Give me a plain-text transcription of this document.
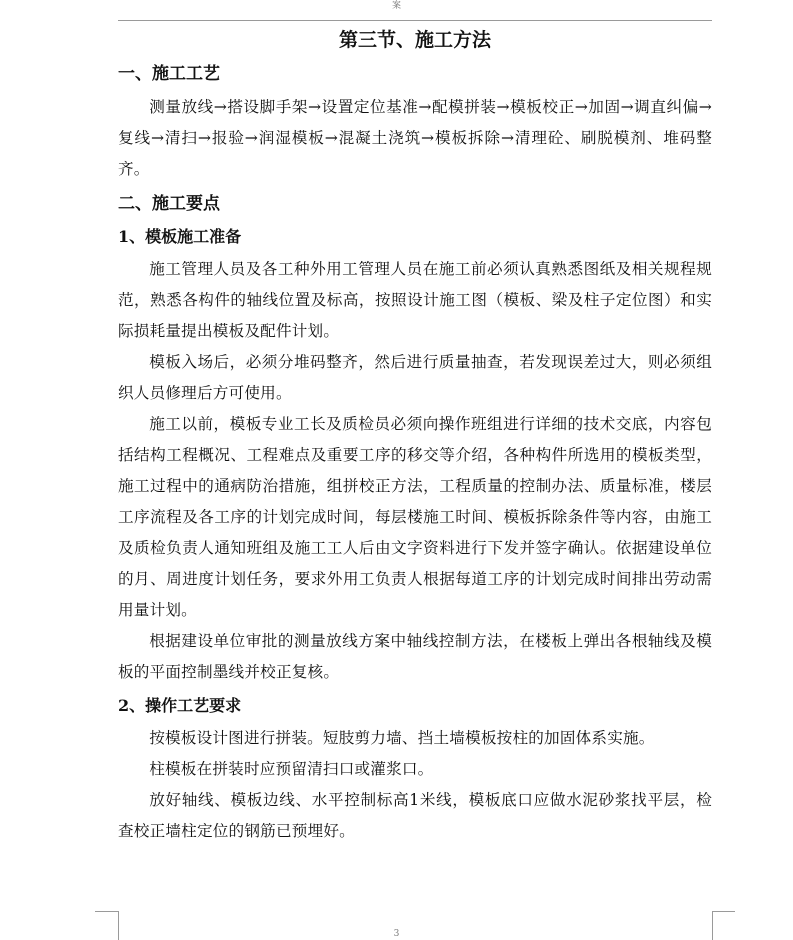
案
第三节、施工方法
一、施工工艺

测量放线→搭设脚手架→设置定位基准→配模拼装→模板校正→加固→调直纠偏→复线→清扫→报验→润湿模板→混凝土浇筑→模板拆除→清理砼、刷脱模剂、堆码整齐。

二、施工要点
1、模板施工准备

施工管理人员及各工种外用工管理人员在施工前必须认真熟悉图纸及相关规程规范，熟悉各构件的轴线位置及标高，按照设计施工图（模板、梁及柱子定位图）和实际损耗量提出模板及配件计划。

模板入场后，必须分堆码整齐，然后进行质量抽查，若发现误差过大，则必须组织人员修理后方可使用。

施工以前，模板专业工长及质检员必须向操作班组进行详细的技术交底，内容包括结构工程概况、工程难点及重要工序的移交等介绍，各种构件所选用的模板类型，施工过程中的通病防治措施，组拼校正方法，工程质量的控制办法、质量标准，楼层工序流程及各工序的计划完成时间，每层楼施工时间、模板拆除条件等内容，由施工及质检负责人通知班组及施工工人后由文字资料进行下发并签字确认。依据建设单位的月、周进度计划任务，要求外用工负责人根据每道工序的计划完成时间排出劳动需用量计划。

根据建设单位审批的测量放线方案中轴线控制方法，在楼板上弹出各根轴线及模板的平面控制墨线并校正复核。

2、操作工艺要求

按模板设计图进行拼装。短肢剪力墙、挡土墙模板按柱的加固体系实施。

柱模板在拼装时应预留清扫口或灌浆口。

放好轴线、模板边线、水平控制标高1米线，模板底口应做水泥砂浆找平层，检查校正墙柱定位的钢筋已预埋好。

3
